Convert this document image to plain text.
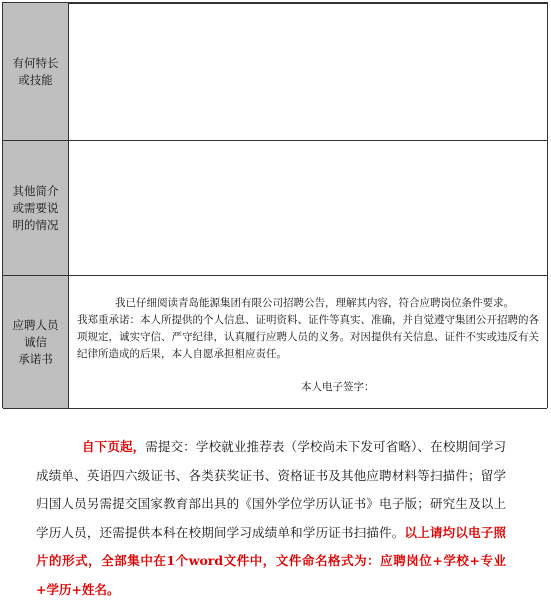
有何特长
或技能
其他简介
或需要说
明的情况
应聘人员
诚信
承诺书

我已仔细阅读青岛能源集团有限公司招聘公告，理解其内容，符合应聘岗位条件要求。

我郑重承诺：本人所提供的个人信息、证明资料、证件等真实、准确，并自觉遵守集团公开招聘的各项规定，诚实守信、严守纪律，认真履行应聘人员的义务。对因提供有关信息、证件不实或违反有关纪律所造成的后果，本人自愿承担相应责任。

本人电子签字：
自下页起，需提交：学校就业推荐表（学校尚未下发可省略）、在校期间学习成绩单、英语四六级证书、各类获奖证书、资格证书及其他应聘材料等扫描件；留学归国人员另需提交国家教育部出具的《国外学位学历认证书》电子版；研究生及以上学历人员，还需提供本科在校期间学习成绩单和学历证书扫描件。以上请均以电子照片的形式，全部集中在1个word文件中，文件命名格式为：应聘岗位+学校+专业+学历+姓名。
